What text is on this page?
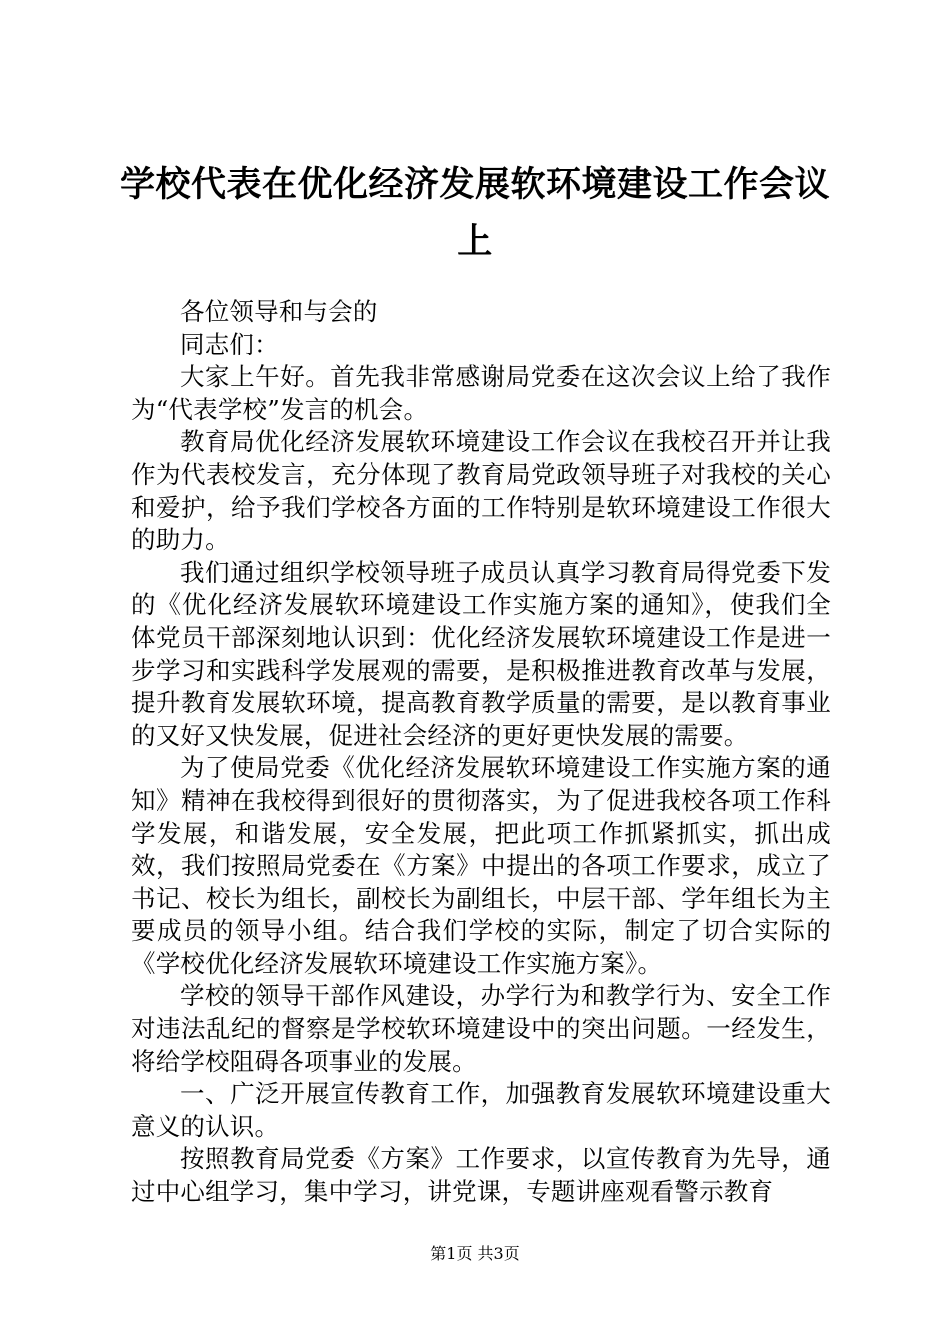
学校代表在优化经济发展软环境建设工作会议上

各位领导和与会的

同志们：

大家上午好。首先我非常感谢局党委在这次会议上给了我作为“代表学校”发言的机会。

教育局优化经济发展软环境建设工作会议在我校召开并让我作为代表校发言，充分体现了教育局党政领导班子对我校的关心和爱护，给予我们学校各方面的工作特别是软环境建设工作很大的助力。

我们通过组织学校领导班子成员认真学习教育局得党委下发的《优化经济发展软环境建设工作实施方案的通知》，使我们全体党员干部深刻地认识到：优化经济发展软环境建设工作是进一步学习和实践科学发展观的需要，是积极推进教育改革与发展，提升教育发展软环境，提高教育教学质量的需要，是以教育事业的又好又快发展，促进社会经济的更好更快发展的需要。

为了使局党委《优化经济发展软环境建设工作实施方案的通知》精神在我校得到很好的贯彻落实，为了促进我校各项工作科学发展，和谐发展，安全发展，把此项工作抓紧抓实，抓出成效，我们按照局党委在《方案》中提出的各项工作要求，成立了书记、校长为组长，副校长为副组长，中层干部、学年组长为主要成员的领导小组。结合我们学校的实际，制定了切合实际的《学校优化经济发展软环境建设工作实施方案》。

学校的领导干部作风建设，办学行为和教学行为、安全工作对违法乱纪的督察是学校软环境建设中的突出问题。一经发生，将给学校阻碍各项事业的发展。

一、广泛开展宣传教育工作，加强教育发展软环境建设重大意义的认识。

按照教育局党委《方案》工作要求，以宣传教育为先导，通过中心组学习，集中学习，讲党课，专题讲座观看警示教育

第1页 共3页
